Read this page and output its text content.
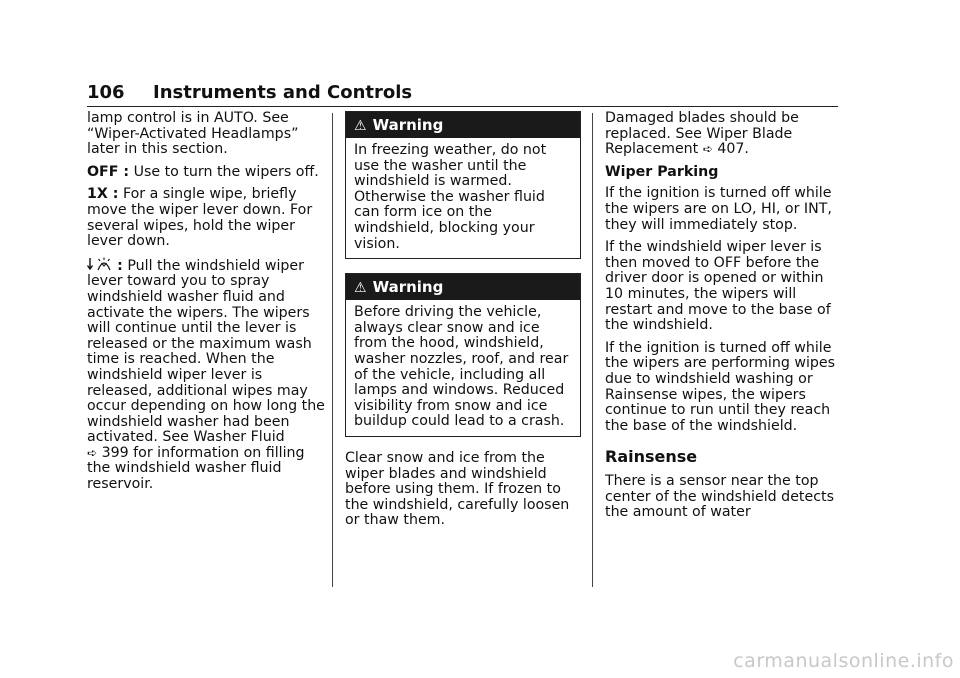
106 Instruments and Controls

lamp control is in AUTO. See “Wiper-Activated Headlamps” later in this section.

OFF : Use to turn the wipers off.

1X : For a single wipe, briefly move the wiper lever down. For several wipes, hold the wiper lever down.

: Pull the windshield wiper lever toward you to spray windshield washer fluid and activate the wipers. The wipers will continue until the lever is released or the maximum wash time is reached. When the windshield wiper lever is released, additional wipes may occur depending on how long the windshield washer had been activated. See Washer Fluid
➪ 399 for information on filling the windshield washer fluid reservoir.

⚠ Warning
In freezing weather, do not use the washer until the windshield is warmed. Otherwise the washer fluid can form ice on the windshield, blocking your vision.
⚠ Warning
Before driving the vehicle, always clear snow and ice from the hood, windshield, washer nozzles, roof, and rear of the vehicle, including all lamps and windows. Reduced visibility from snow and ice buildup could lead to a crash.

Clear snow and ice from the wiper blades and windshield before using them. If frozen to the windshield, carefully loosen or thaw them.

Damaged blades should be replaced. See Wiper Blade Replacement ➪ 407.

Wiper Parking

If the ignition is turned off while the wipers are on LO, HI, or INT, they will immediately stop.

If the windshield wiper lever is then moved to OFF before the driver door is opened or within 10 minutes, the wipers will restart and move to the base of the windshield.

If the ignition is turned off while the wipers are performing wipes due to windshield washing or Rainsense wipes, the wipers continue to run until they reach the base of the windshield.

Rainsense

There is a sensor near the top center of the windshield detects the amount of water

carmanualsonline.info
